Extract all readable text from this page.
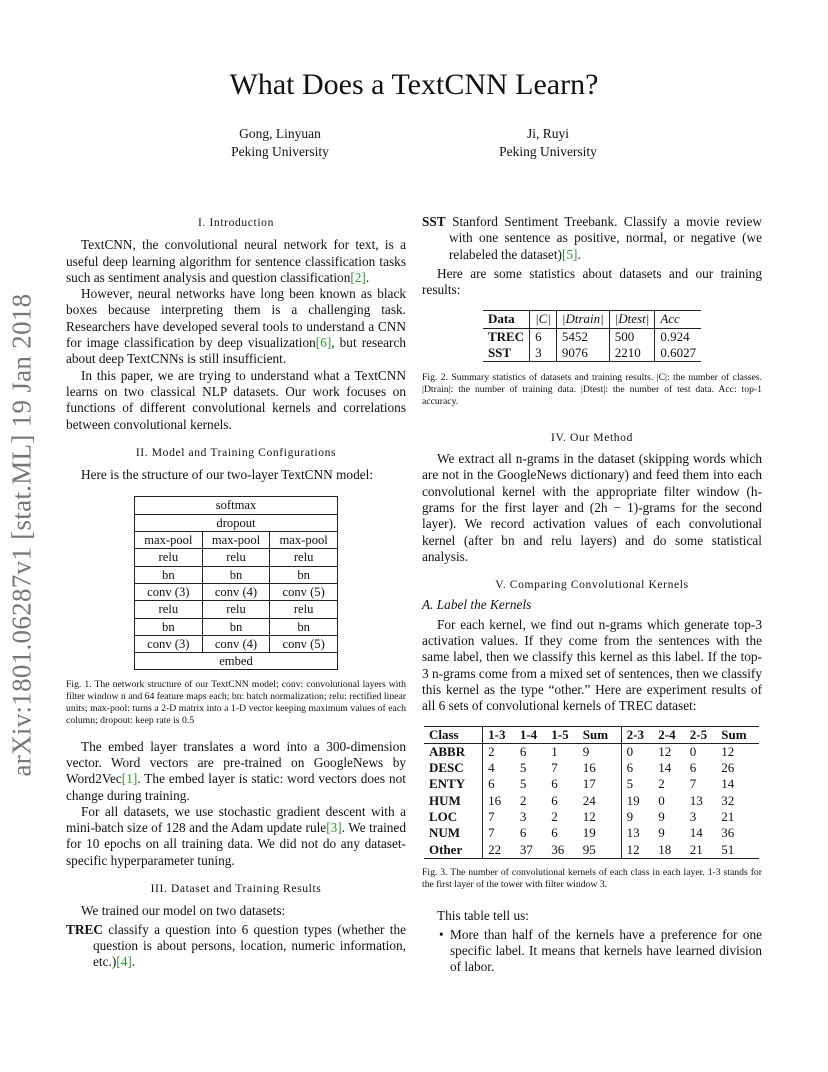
arXiv:1801.06287v1 [stat.ML] 19 Jan 2018
What Does a TextCNN Learn?
Gong, Linyuan
Peking University
Ji, Ruyi
Peking University
I. Introduction

TextCNN, the convolutional neural network for text, is a useful deep learning algorithm for sentence classification tasks such as sentiment analysis and question classification[2].

However, neural networks have long been known as black boxes because interpreting them is a challenging task. Researchers have developed several tools to understand a CNN for image classification by deep visualization[6], but research about deep TextCNNs is still insufficient.

In this paper, we are trying to understand what a TextCNN learns on two classical NLP datasets. Our work focuses on functions of different convolutional kernels and correlations between convolutional kernels.

II. Model and Training Configurations

Here is the structure of our two-layer TextCNN model:

softmax		
dropout		
max-pool	max-pool	max-pool
relu	relu	relu
bn	bn	bn
conv (3)	conv (4)	conv (5)
relu	relu	relu
bn	bn	bn
conv (3)	conv (4)	conv (5)
embed		
Fig. 1. The network structure of our TextCNN model; conv: convolutional layers with filter window n and 64 feature maps each; bn: batch normalization; relu: rectified linear units; max-pool: turns a 2-D matrix into a 1-D vector keeping maximum values of each column; dropout: keep rate is 0.5

The embed layer translates a word into a 300-dimension vector. Word vectors are pre-trained on GoogleNews by Word2Vec[1]. The embed layer is static: word vectors does not change during training.

For all datasets, we use stochastic gradient descent with a mini-batch size of 128 and the Adam update rule[3]. We trained for 10 epochs on all training data. We did not do any dataset-specific hyperparameter tuning.

III. Dataset and Training Results

We trained our model on two datasets:

TREC classify a question into 6 question types (whether the question is about persons, location, numeric information, etc.)[4].
SST Stanford Sentiment Treebank. Classify a movie review with one sentence as positive, normal, or negative (we relabeled the dataset)[5].

Here are some statistics about datasets and our training results:

Data	|C|	|Dtrain|	|Dtest|	Acc
TREC	6	5452	500	0.924
SST	3	9076	2210	0.6027
Fig. 2. Summary statistics of datasets and training results. |C|: the number of classes. |Dtrain|: the number of training data. |Dtest|: the number of test data. Acc: top-1 accuracy.
IV. Our Method

We extract all n-grams in the dataset (skipping words which are not in the GoogleNews dictionary) and feed them into each convolutional kernel with the appropriate filter window (h-grams for the first layer and (2h − 1)-grams for the second layer). We record activation values of each convolutional kernel (after bn and relu layers) and do some statistical analysis.

V. Comparing Convolutional Kernels
A. Label the Kernels

For each kernel, we find out n-grams which generate top-3 activation values. If they come from the sentences with the same label, then we classify this kernel as this label. If the top-3 n-grams come from a mixed set of sentences, then we classify this kernel as the type “other.” Here are experiment results of all 6 sets of convolutional kernels of TREC dataset:

Class	1-3	1-4	1-5	Sum	2-3	2-4	2-5	Sum
ABBR	2	6	1	9	0	12	0	12
DESC	4	5	7	16	6	14	6	26
ENTY	6	5	6	17	5	2	7	14
HUM	16	2	6	24	19	0	13	32
LOC	7	3	2	12	9	9	3	21
NUM	7	6	6	19	13	9	14	36
Other	22	37	36	95	12	18	21	51
Fig. 3. The number of convolutional kernels of each class in each layer. 1-3 stands for the first layer of the tower with filter window 3.

This table tell us:

• More than half of the kernels have a preference for one specific label. It means that kernels have learned division of labor.
